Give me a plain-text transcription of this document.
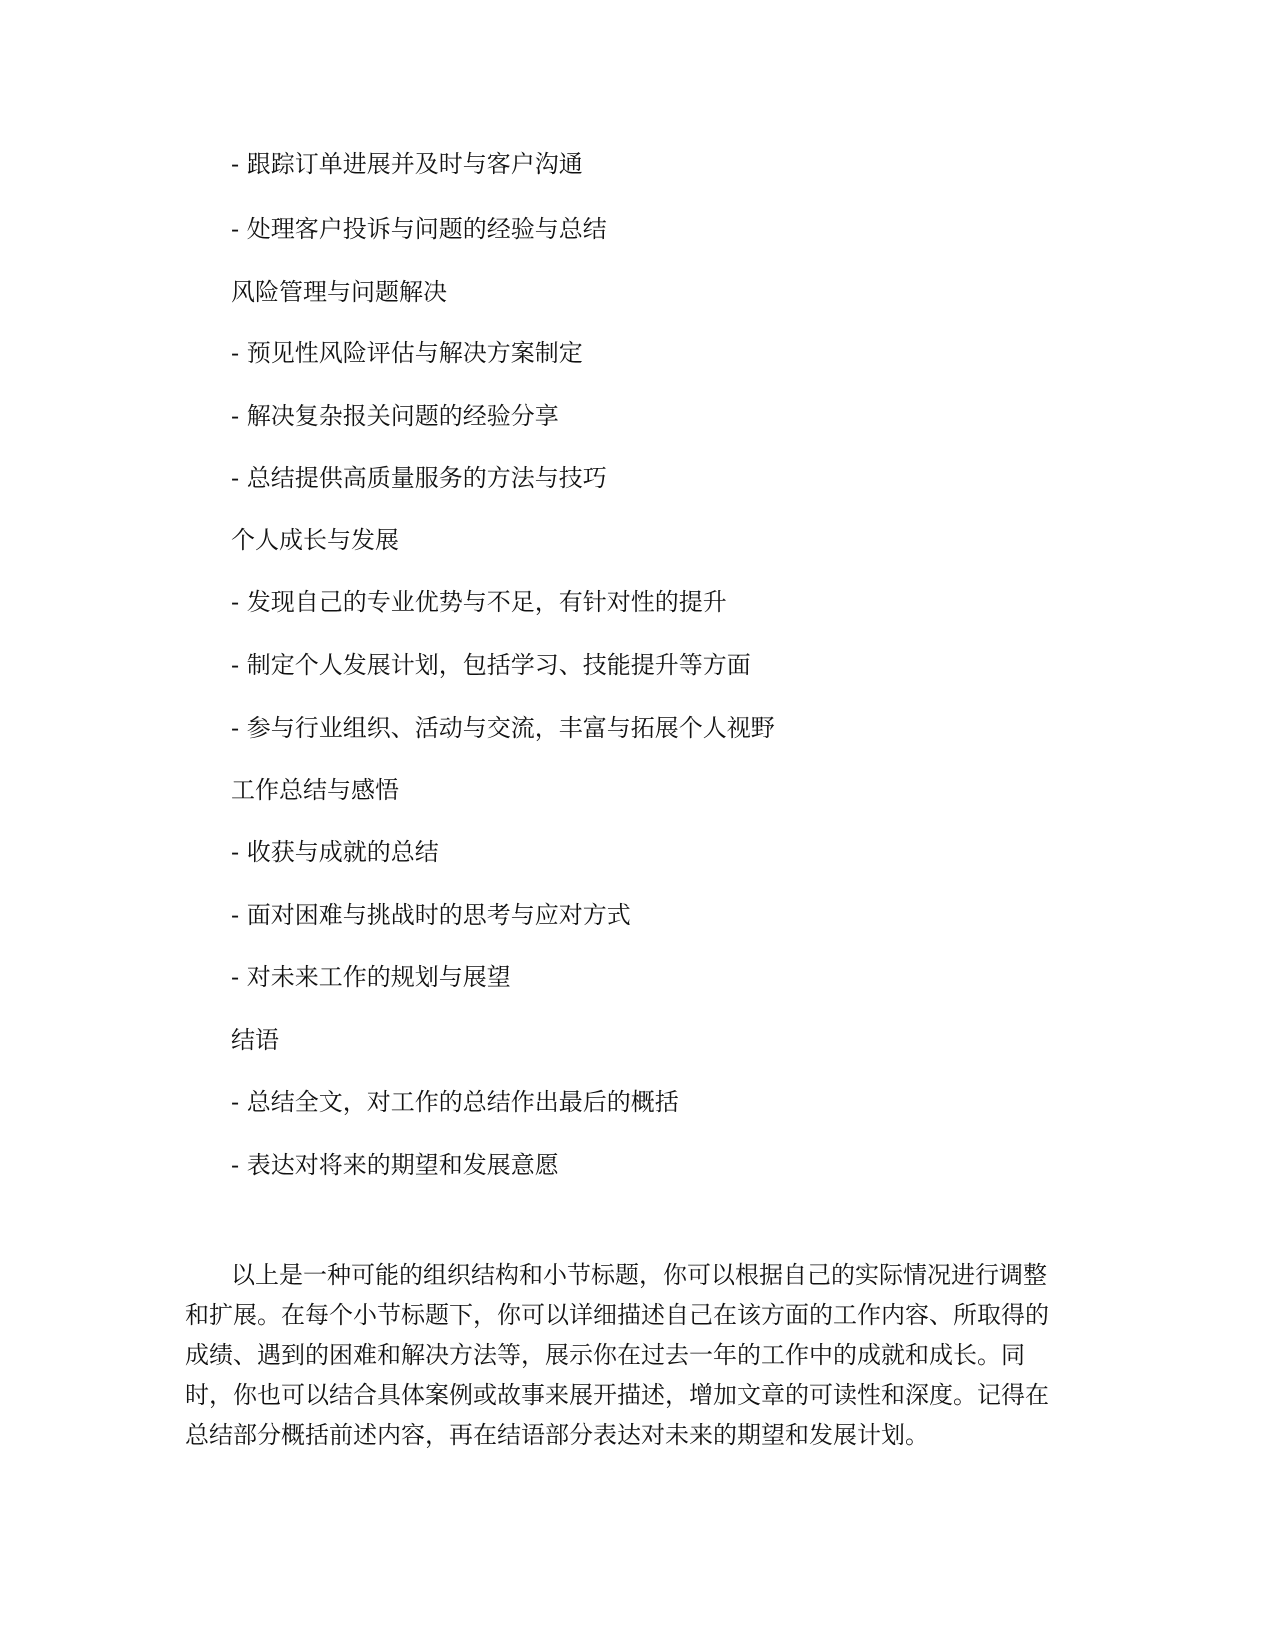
- 跟踪订单进展并及时与客户沟通

- 处理客户投诉与问题的经验与总结

风险管理与问题解决

- 预见性风险评估与解决方案制定

- 解决复杂报关问题的经验分享

- 总结提供高质量服务的方法与技巧

个人成长与发展

- 发现自己的专业优势与不足，有针对性的提升

- 制定个人发展计划，包括学习、技能提升等方面

- 参与行业组织、活动与交流，丰富与拓展个人视野

工作总结与感悟

- 收获与成就的总结

- 面对困难与挑战时的思考与应对方式

- 对未来工作的规划与展望

结语

- 总结全文，对工作的总结作出最后的概括

- 表达对将来的期望和发展意愿

以上是一种可能的组织结构和小节标题，你可以根据自己的实际情况进行调整
和扩展。在每个小节标题下，你可以详细描述自己在该方面的工作内容、所取得的
成绩、遇到的困难和解决方法等，展示你在过去一年的工作中的成就和成长。同
时，你也可以结合具体案例或故事来展开描述，增加文章的可读性和深度。记得在
总结部分概括前述内容，再在结语部分表达对未来的期望和发展计划。
